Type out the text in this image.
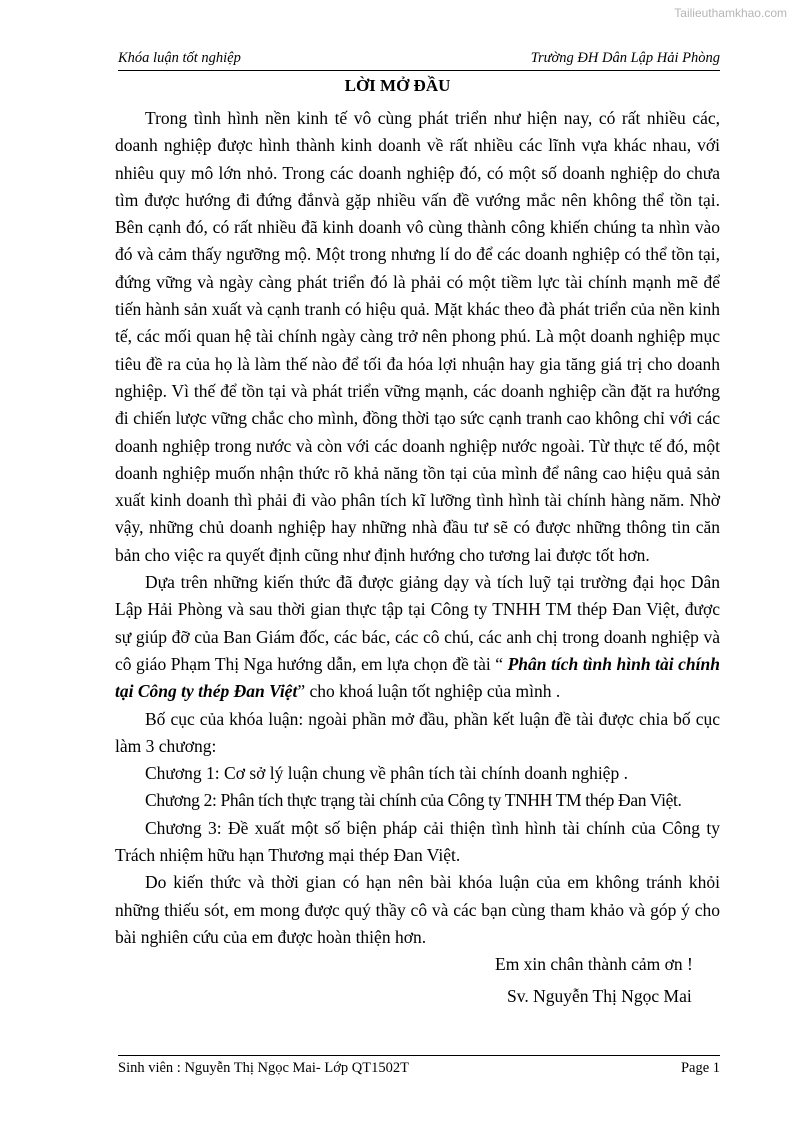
Tailieuthamkhao.com
Khóa luận tốt nghiệp	Trường ĐH Dân Lập Hải Phòng
LỜI MỞ ĐẦU

Trong tình hình nền kinh tế vô cùng phát triển như hiện nay, có rất nhiều các, doanh nghiệp được hình thành kinh doanh về rất nhiều các lĩnh vựa khác nhau, với nhiêu quy mô lớn nhỏ. Trong các doanh nghiệp đó, có một số doanh nghiệp do chưa tìm được hướng đi đứng đắnvà gặp nhiều vấn đề vướng mắc nên không thể tồn tại. Bên cạnh đó, có rất nhiều đã kinh doanh vô cùng thành công khiến chúng ta nhìn vào đó và cảm thấy ngưỡng mộ. Một trong nhưng lí do để các doanh nghiệp có thể tồn tại, đứng vững và ngày càng phát triển đó là phải có một tiềm lực tài chính mạnh mẽ để tiến hành sản xuất và cạnh tranh có hiệu quả. Mặt khác theo đà phát triển của nền kinh tế, các mối quan hệ tài chính ngày càng trở nên phong phú. Là một doanh nghiệp mục tiêu đề ra của họ là làm thế nào để tối đa hóa lợi nhuận hay gia tăng giá trị cho doanh nghiệp. Vì thế để tồn tại và phát triển vững mạnh, các doanh nghiệp cần đặt ra hướng đi chiến lược vững chắc cho mình, đồng thời tạo sức cạnh tranh cao không chỉ với các doanh nghiệp trong nước và còn với các doanh nghiệp nước ngoài. Từ thực tế đó, một doanh nghiệp muốn nhận thức rõ khả năng tồn tại của mình để nâng cao hiệu quả sản xuất kinh doanh thì phải đi vào phân tích kĩ lưỡng tình hình tài chính hàng năm. Nhờ vậy, những chủ doanh nghiệp hay những nhà đầu tư sẽ có được những thông tin căn bản cho việc ra quyết định cũng như định hướng cho tương lai được tốt hơn.

Dựa trên những kiến thức đã được giảng dạy và tích luỹ tại trường đại học Dân Lập Hải Phòng và sau thời gian thực tập tại Công ty TNHH TM thép Đan Việt, được sự giúp đỡ của Ban Giám đốc, các bác, các cô chú, các anh chị trong doanh nghiệp và cô giáo Phạm Thị Nga hướng dẫn, em lựa chọn đề tài “ Phân tích tình hình tài chính tại Công ty thép Đan Việt” cho khoá luận tốt nghiệp của mình .

Bố cục của khóa luận: ngoài phần mở đầu, phần kết luận đề tài được chia bố cục làm 3 chương:

Chương 1: Cơ sở lý luận chung về phân tích tài chính doanh nghiệp .

Chương 2: Phân tích thực trạng tài chính của Công ty TNHH TM thép Đan Việt.

Chương 3: Đề xuất một số biện pháp cải thiện tình hình tài chính của Công ty Trách nhiệm hữu hạn Thương mại thép Đan Việt.

Do kiến thức và thời gian có hạn nên bài khóa luận của em không tránh khỏi những thiếu sót, em mong được quý thầy cô và các bạn cùng tham khảo và góp ý cho bài nghiên cứu của em được hoàn thiện hơn.

Em xin chân thành cảm ơn !

Sv. Nguyễn Thị Ngọc Mai

Sinh viên : Nguyễn Thị Ngọc Mai- Lớp QT1502T	Page 1
